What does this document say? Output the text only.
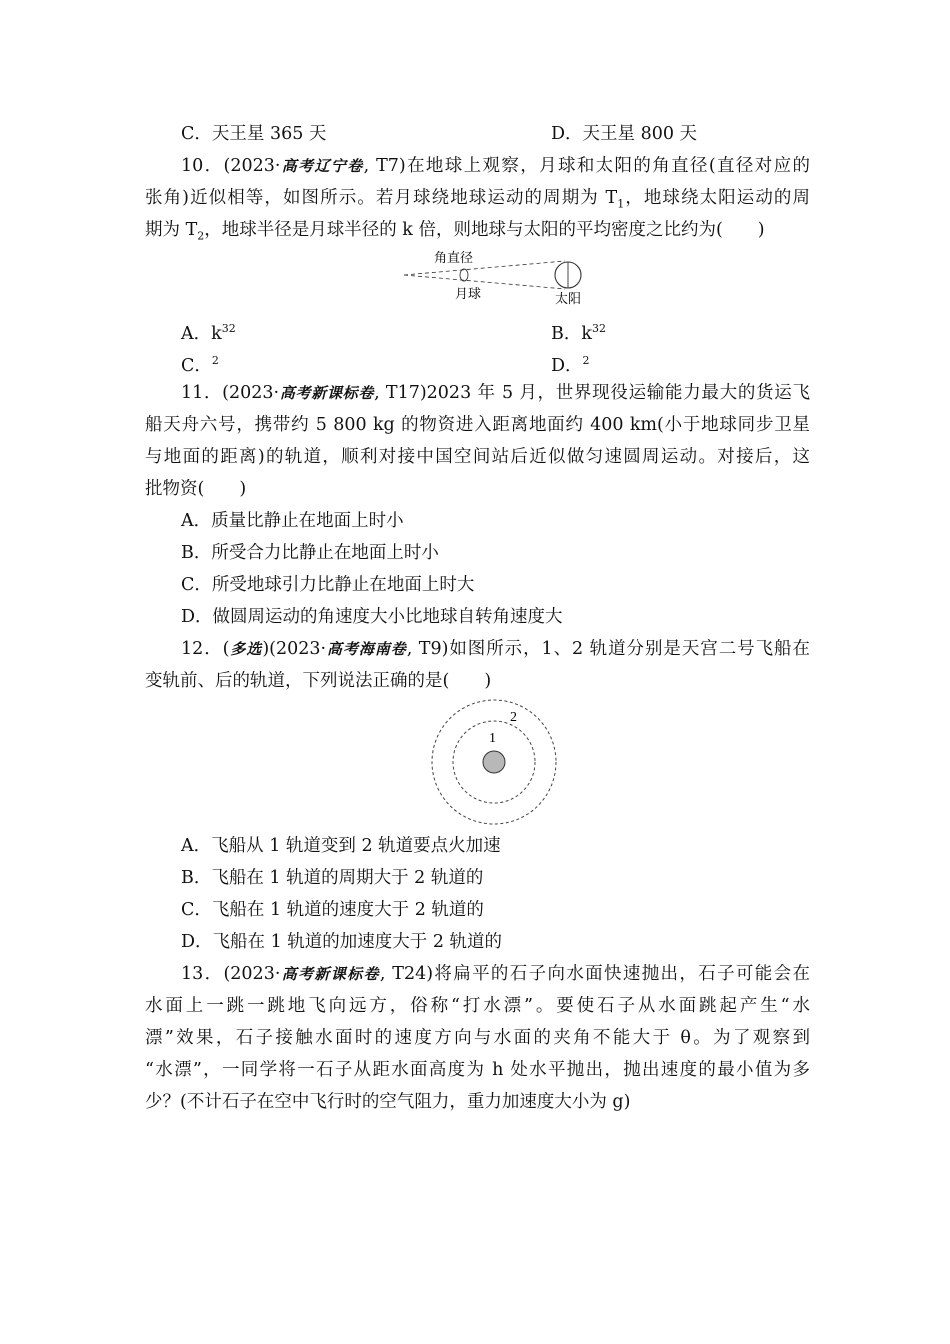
C．天王星 365 天	D．天王星 800 天
10．(2023·高考辽宁卷, T7)在地球上观察，月球和太阳的角直径(直径对应的
张角)近似相等，如图所示。若月球绕地球运动的周期为 $T_1$，地球绕太阳运动的周
期为 $T_2$，地球半径是月球半径的 k 倍，则地球与太阳的平均密度之比约为(　　)
角直径
月球	太阳
A．$k^{32}$	B．$k^{32}$
C．$^2$	D．$^2$
11．(2023·高考新课标卷, T17)2023 年 5 月，世界现役运输能力最大的货运飞
船天舟六号，携带约 5 800 kg 的物资进入距离地面约 400 km(小于地球同步卫星
与地面的距离)的轨道，顺利对接中国空间站后近似做匀速圆周运动。对接后，这
批物资(　　)
A．质量比静止在地面上时小
B．所受合力比静止在地面上时小
C．所受地球引力比静止在地面上时大
D．做圆周运动的角速度大小比地球自转角速度大
12．(多选)(2023·高考海南卷, T9)如图所示，1、2 轨道分别是天宫二号飞船在
变轨前、后的轨道，下列说法正确的是(　　)
1
2
A．飞船从 1 轨道变到 2 轨道要点火加速
B．飞船在 1 轨道的周期大于 2 轨道的
C．飞船在 1 轨道的速度大于 2 轨道的
D．飞船在 1 轨道的加速度大于 2 轨道的
13．(2023·高考新课标卷, T24)将扁平的石子向水面快速抛出，石子可能会在
水面上一跳一跳地飞向远方，俗称“打水漂”。要使石子从水面跳起产生“水
漂”效果，石子接触水面时的速度方向与水面的夹角不能大于 θ。为了观察到
“水漂”，一同学将一石子从距水面高度为 h 处水平抛出，抛出速度的最小值为多
少？(不计石子在空中飞行时的空气阻力，重力加速度大小为 g)
